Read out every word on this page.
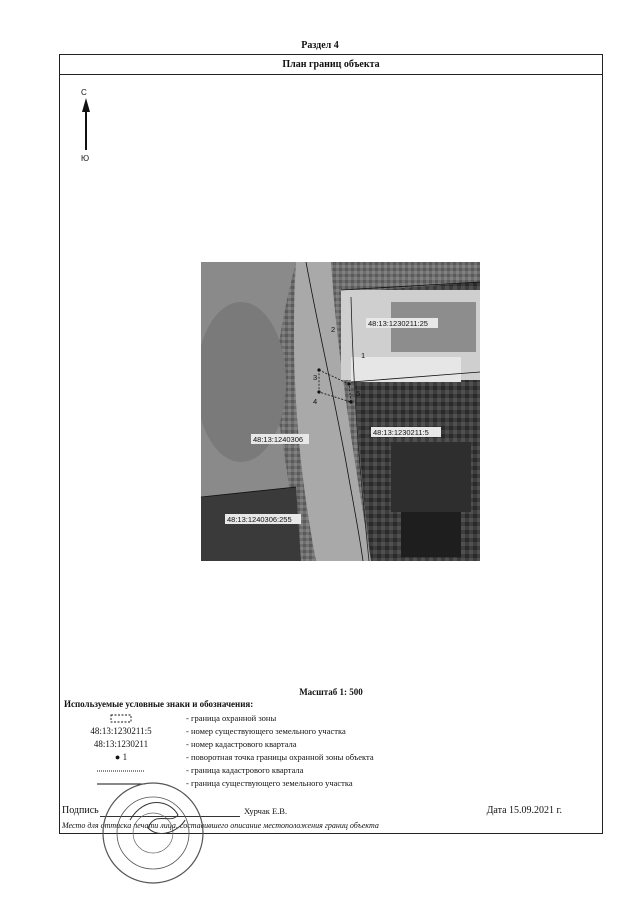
Раздел 4
План границ объекта
С
Ю
1
2
3
4
5
48:13:1230211:25
48:13:1230211:5
48:13:1240306
48:13:1240306:255
Масштаб 1: 500
Используемые условные знаки и обозначения:
- граница охранной зоны
48:13:1230211:5	- номер существующего земельного участка
48:13:1230211	- номер кадастрового квартала
● 1	- поворотная точка границы охранной зоны объекта
- граница кадастрового квартала
- граница существующего земельного участка
Подпись	Хурчак Е.В.	Дата 15.09.2021 г.
Место для оттиска печати лица, составившего описание местоположения границ объекта
